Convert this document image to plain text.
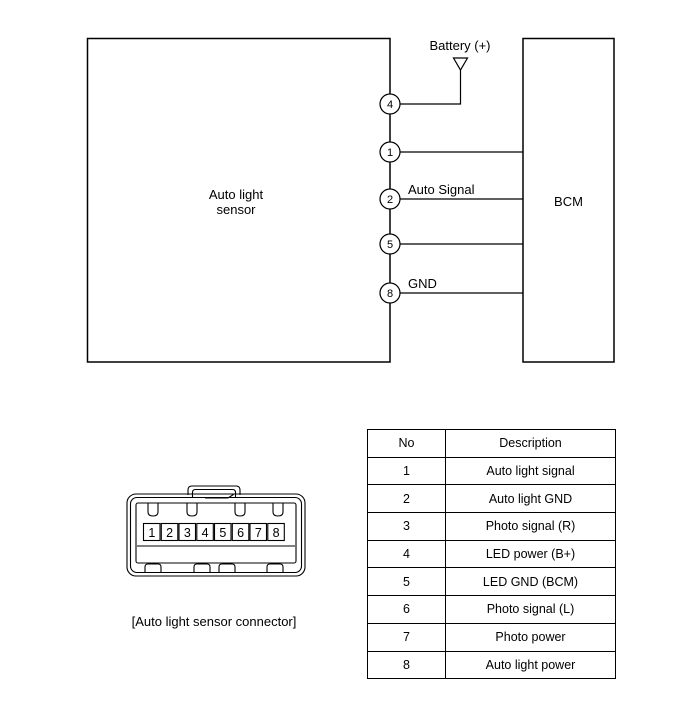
Auto light
sensor
BCM
Battery (+)
Auto Signal
GND
4
1
2
5
8
1 2 3 4 5 6 7 8
[Auto light sensor connector]
No	Description
1	Auto light signal
2	Auto light GND
3	Photo signal (R)
4	LED power (B+)
5	LED GND (BCM)
6	Photo signal (L)
7	Photo power
8	Auto light power
